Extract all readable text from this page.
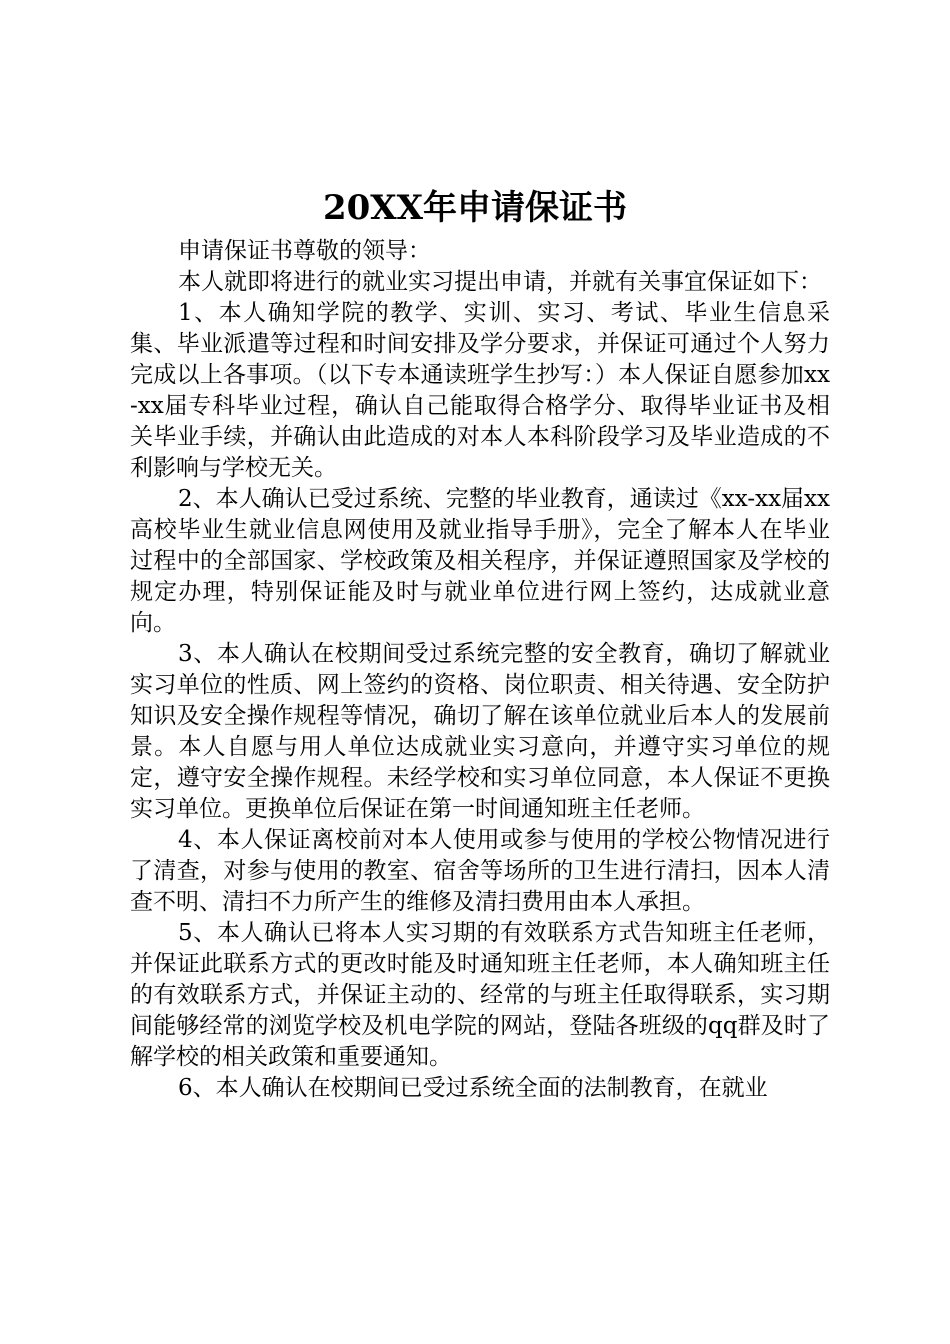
20XX年申请保证书

申请保证书尊敬的领导：

本人就即将进行的就业实习提出申请，并就有关事宜保证如下：

1、本人确知学院的教学、实训、实习、考试、毕业生信息采集、毕业派遣等过程和时间安排及学分要求，并保证可通过个人努力完成以上各事项。（以下专本通读班学生抄写：）本人保证自愿参加xx-xx届专科毕业过程，确认自己能取得合格学分、取得毕业证书及相关毕业手续，并确认由此造成的对本人本科阶段学习及毕业造成的不利影响与学校无关。

2、本人确认已受过系统、完整的毕业教育，通读过《xx-xx届xx高校毕业生就业信息网使用及就业指导手册》，完全了解本人在毕业过程中的全部国家、学校政策及相关程序，并保证遵照国家及学校的规定办理，特别保证能及时与就业单位进行网上签约，达成就业意向。

3、本人确认在校期间受过系统完整的安全教育，确切了解就业实习单位的性质、网上签约的资格、岗位职责、相关待遇、安全防护知识及安全操作规程等情况，确切了解在该单位就业后本人的发展前景。本人自愿与用人单位达成就业实习意向，并遵守实习单位的规定，遵守安全操作规程。未经学校和实习单位同意，本人保证不更换实习单位。更换单位后保证在第一时间通知班主任老师。

4、本人保证离校前对本人使用或参与使用的学校公物情况进行了清查，对参与使用的教室、宿舍等场所的卫生进行清扫，因本人清查不明、清扫不力所产生的维修及清扫费用由本人承担。

5、本人确认已将本人实习期的有效联系方式告知班主任老师，并保证此联系方式的更改时能及时通知班主任老师，本人确知班主任的有效联系方式，并保证主动的、经常的与班主任取得联系，实习期间能够经常的浏览学校及机电学院的网站，登陆各班级的qq群及时了解学校的相关政策和重要通知。

6、本人确认在校期间已受过系统全面的法制教育，在就业
